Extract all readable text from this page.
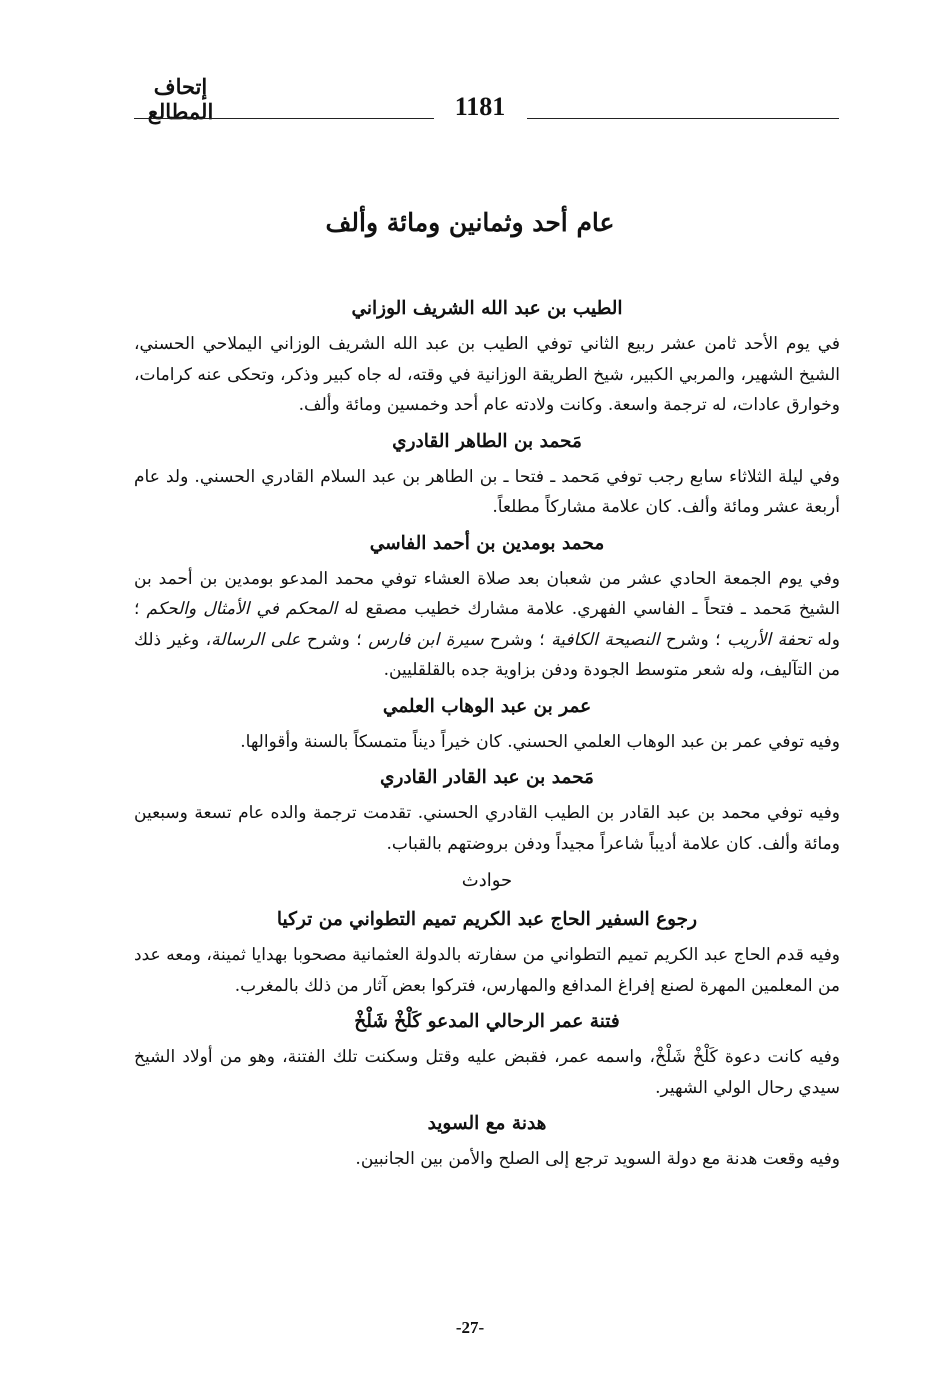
إتحاف المطالع	1181
عام أحد وثمانين ومائة وألف
الطيب بن عبد الله الشريف الوزاني

في يوم الأحد ثامن عشر ربيع الثاني توفي الطيب بن عبد الله الشريف الوزاني اليملاحي الحسني، الشيخ الشهير، والمربي الكبير، شيخ الطريقة الوزانية في وقته، له جاه كبير وذكر، وتحكى عنه كرامات، وخوارق عادات، له ترجمة واسعة. وكانت ولادته عام أحد وخمسين ومائة وألف.

مَحمد بن الطاهر القادري

وفي ليلة الثلاثاء سابع رجب توفي مَحمد ـ فتحا ـ بن الطاهر بن عبد السلام القادري الحسني. ولد عام أربعة عشر ومائة وألف. كان علامة مشاركاً مطلعاً.

محمد بومدين بن أحمد الفاسي

وفي يوم الجمعة الحادي عشر من شعبان بعد صلاة العشاء توفي محمد المدعو بومدين بن أحمد بن الشيخ مَحمد ـ فتحاً ـ الفاسي الفهري. علامة مشارك خطيب مصقع له المحكم في الأمثال والحكم ؛ وله تحفة الأريب ؛ وشرح النصيحة الكافية ؛ وشرح سيرة ابن فارس ؛ وشرح على الرسالة، وغير ذلك من التآليف، وله شعر متوسط الجودة ودفن بزاوية جده بالقلقليين.

عمر بن عبد الوهاب العلمي

وفيه توفي عمر بن عبد الوهاب العلمي الحسني. كان خيراً ديناً متمسكاً بالسنة وأقوالها.

مَحمد بن عبد القادر القادري

وفيه توفي محمد بن عبد القادر بن الطيب القادري الحسني. تقدمت ترجمة والده عام تسعة وسبعين ومائة وألف. كان علامة أديباً شاعراً مجيداً ودفن بروضتهم بالقباب.

حوادث
رجوع السفير الحاج عبد الكريم تميم التطواني من تركيا

وفيه قدم الحاج عبد الكريم تميم التطواني من سفارته بالدولة العثمانية مصحوبا بهدايا ثمينة، ومعه عدد من المعلمين المهرة لصنع إفراغ المدافع والمهارس، فتركوا بعض آثار من ذلك بالمغرب.

فتنة عمر الرحالي المدعو كَلْخْ شَلْخْ

وفيه كانت دعوة كَلْخْ شَلْخْ، واسمه عمر، فقبض عليه وقتل وسكنت تلك الفتنة، وهو من أولاد الشيخ سيدي رحال الولي الشهير.

هدنة مع السويد

وفيه وقعت هدنة مع دولة السويد ترجع إلى الصلح والأمن بين الجانبين.

-27-
